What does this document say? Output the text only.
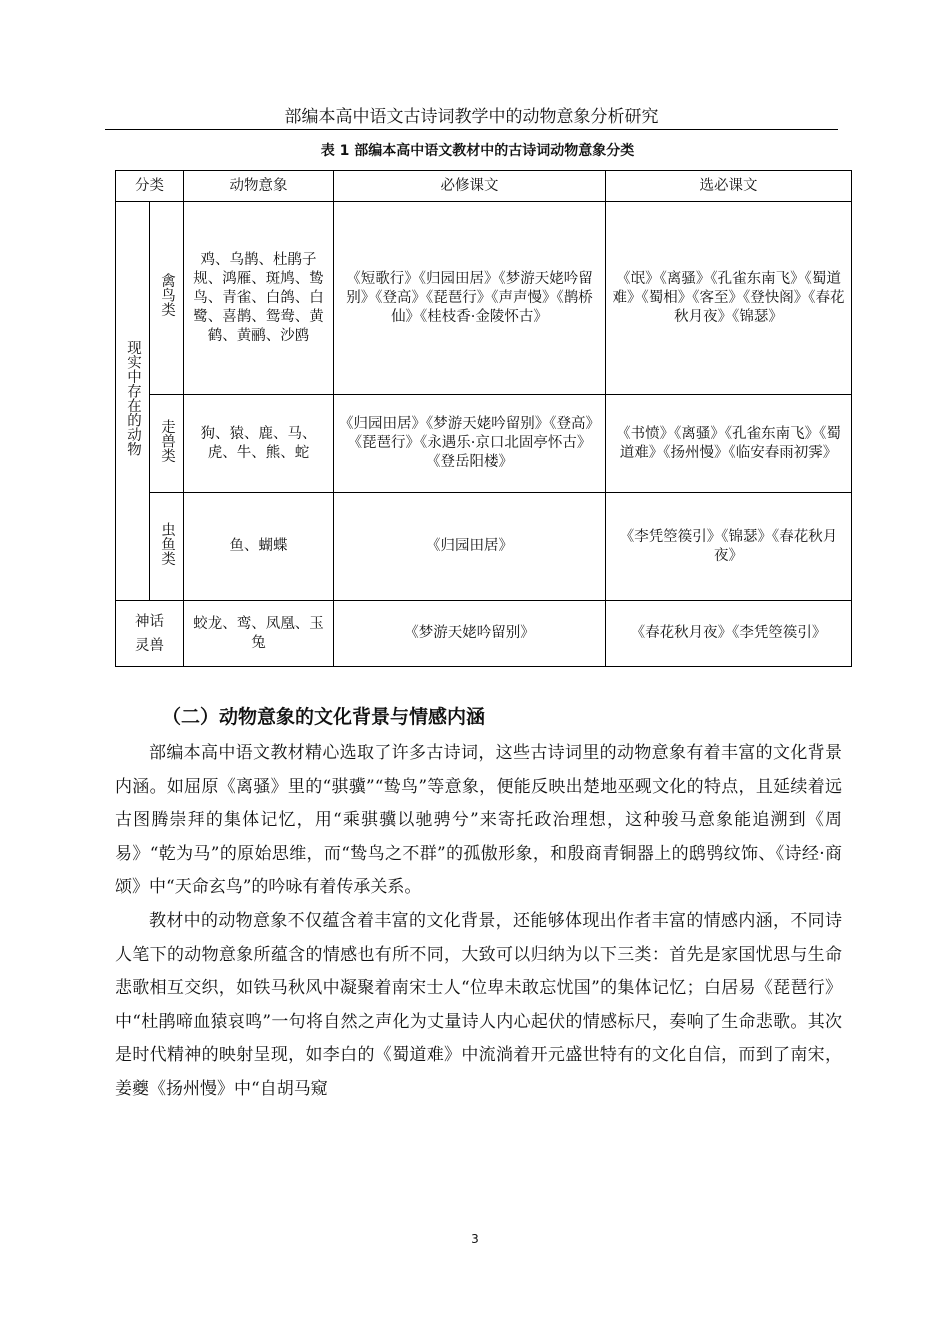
部编本高中语文古诗词教学中的动物意象分析研究
表 1 部编本高中语文教材中的古诗词动物意象分类
分类		动物意象	必修课文	选必课文
现实中存在的动物	禽鸟类	鸡、乌鹊、杜鹃子规、鸿雁、斑鸠、鸷鸟、青雀、白鸽、白鹭、喜鹊、鸳鸯、黄鹤、黄鹂、沙鸥	《短歌行》《归园田居》《梦游天姥吟留别》《登高》《琵琶行》《声声慢》《鹊桥仙》《桂枝香·金陵怀古》	《氓》《离骚》《孔雀东南飞》《蜀道难》《蜀相》《客至》《登快阁》《春花秋月夜》《锦瑟》
	走兽类	狗、猿、鹿、马、虎、牛、熊、蛇	《归园田居》《梦游天姥吟留别》《登高》《琵琶行》《永遇乐·京口北固亭怀古》《登岳阳楼》	《书愤》《离骚》《孔雀东南飞》《蜀道难》《扬州慢》《临安春雨初霁》
	虫鱼类	鱼、蝴蝶	《归园田居》	《李凭箜篌引》《锦瑟》《春花秋月夜》

神话灵兽		蛟龙、鸾、凤凰、玉兔	《梦游天姥吟留别》	《春花秋月夜》《李凭箜篌引》
（二）动物意象的文化背景与情感内涵

部编本高中语文教材精心选取了许多古诗词，这些古诗词里的动物意象有着丰富的文化背景内涵。如屈原《离骚》里的“骐骥”“鸷鸟”等意象，便能反映出楚地巫觋文化的特点，且延续着远古图腾崇拜的集体记忆，用“乘骐骥以驰骋兮”来寄托政治理想，这种骏马意象能追溯到《周易》“乾为马”的原始思维，而“鸷鸟之不群”的孤傲形象，和殷商青铜器上的鸱鸮纹饰、《诗经·商颂》中“天命玄鸟”的吟咏有着传承关系。

教材中的动物意象不仅蕴含着丰富的文化背景，还能够体现出作者丰富的情感内涵，不同诗人笔下的动物意象所蕴含的情感也有所不同，大致可以归纳为以下三类：首先是家国忧思与生命悲歌相互交织，如铁马秋风中凝聚着南宋士人“位卑未敢忘忧国”的集体记忆；白居易《琵琶行》中“杜鹃啼血猿哀鸣”一句将自然之声化为丈量诗人内心起伏的情感标尺，奏响了生命悲歌。其次是时代精神的映射呈现，如李白的《蜀道难》中流淌着开元盛世特有的文化自信，而到了南宋，姜夔《扬州慢》中“自胡马窥

3
